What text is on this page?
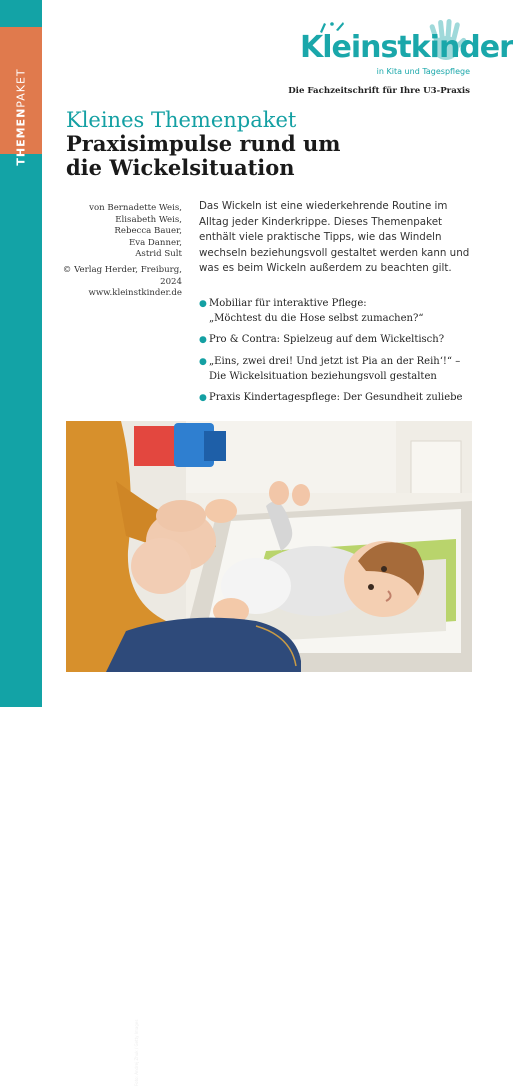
THEMENPAKET
Kleinstkinder
in Kita und Tagespflege
Die Fachzeitschrift für Ihre U3-Praxis
Kleines Themenpaket
Praxisimpulse rund um
die Wickelsituation
von Bernadette Weis,
Elisabeth Weis,
Rebecca Bauer,
Eva Danner,
Astrid Sult
© Verlag Herder, Freiburg, 2024
www.kleinstkinder.de
Das Wickeln ist eine wiederkehrende Routine im Alltag jeder Kinderkrippe. Dieses Themenpaket enthält viele praktische Tipps, wie das Windeln wechseln beziehungsvoll gestaltet werden kann und was es beim Wickeln außerdem zu beachten gilt.
● Mobiliar für interaktive Pflege:
„Möchtest du die Hose selbst zumachen?“
● Pro & Contra: Spielzeug auf dem Wickeltisch?
● „Eins, zwei drei! Und jetzt ist Pia an der Reih‘!“ –
Die Wickelsituation beziehungsvoll gestalten
● Praxis Kindertagespflege: Der Gesundheit zuliebe
Foto: Andrej Zhuk / Getty Images
